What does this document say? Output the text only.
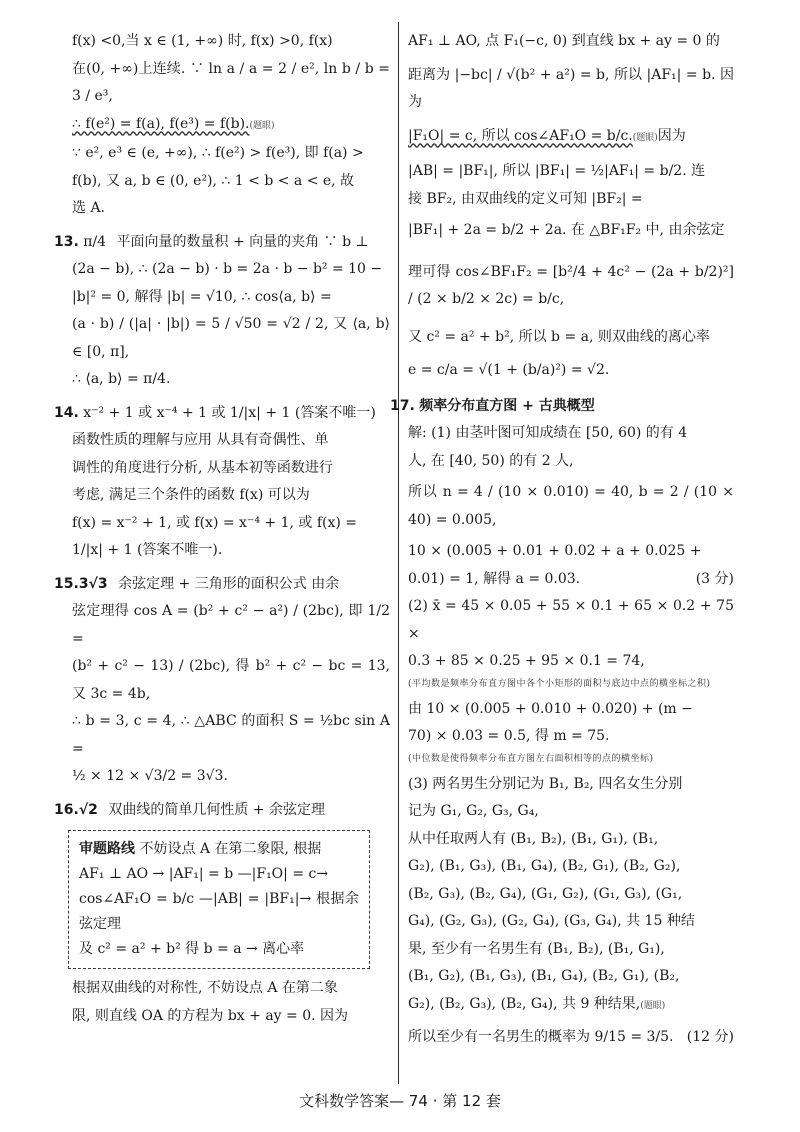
f(x) <0,当 x ∈ (1, +∞) 时, f(x) >0, f(x)

在(0, +∞)上连续. ∵ ln a / a = 2 / e², ln b / b = 3 / e³,

∴ f(e²) = f(a), f(e³) = f(b).(题眼)

∵ e², e³ ∈ (e, +∞), ∴ f(e²) > f(e³), 即 f(a) >

f(b), 又 a, b ∈ (0, e²), ∴ 1 < b < a < e, 故

选 A.

13. π/4 平面向量的数量积 + 向量的夹角 ∵ b ⊥

(2a − b), ∴ (2a − b) · b = 2a · b − b² = 10 −

|b|² = 0, 解得 |b| = √10, ∴ cos⟨a, b⟩ =

(a · b) / (|a| · |b|) = 5 / √50 = √2 / 2, 又 ⟨a, b⟩ ∈ [0, π],

∴ ⟨a, b⟩ = π/4.

14. x⁻² + 1 或 x⁻⁴ + 1 或 1/|x| + 1 (答案不唯一)

函数性质的理解与应用 从具有奇偶性、单

调性的角度进行分析, 从基本初等函数进行

考虑, 满足三个条件的函数 f(x) 可以为

f(x) = x⁻² + 1, 或 f(x) = x⁻⁴ + 1, 或 f(x) =

1/|x| + 1 (答案不唯一).

15.3√3 余弦定理 + 三角形的面积公式 由余

弦定理得 cos A = (b² + c² − a²) / (2bc), 即 1/2 =

(b² + c² − 13) / (2bc), 得 b² + c² − bc = 13, 又 3c = 4b,

∴ b = 3, c = 4, ∴ △ABC 的面积 S = ½bc sin A =

½ × 12 × √3/2 = 3√3.

16.√2 双曲线的简单几何性质 + 余弦定理

审题路线 不妨设点 A 在第二象限, 根据

AF₁ ⊥ AO → |AF₁| = b —|F₁O| = c→

cos∠AF₁O = b/c —|AB| = |BF₁|→ 根据余弦定理

及 c² = a² + b² 得 b = a → 离心率

根据双曲线的对称性, 不妨设点 A 在第二象

限, 则直线 OA 的方程为 bx + ay = 0. 因为

AF₁ ⊥ AO, 点 F₁(−c, 0) 到直线 bx + ay = 0 的

距离为 |−bc| / √(b² + a²) = b, 所以 |AF₁| = b. 因为

|F₁O| = c, 所以 cos∠AF₁O = b/c.(题眼)因为

|AB| = |BF₁|, 所以 |BF₁| = ½|AF₁| = b/2. 连

接 BF₂, 由双曲线的定义可知 |BF₂| =

|BF₁| + 2a = b/2 + 2a. 在 △BF₁F₂ 中, 由余弦定

理可得 cos∠BF₁F₂ = [b²/4 + 4c² − (2a + b/2)²] / (2 × b/2 × 2c) = b/c,

又 c² = a² + b², 所以 b = a, 则双曲线的离心率

e = c/a = √(1 + (b/a)²) = √2.

17. 频率分布直方图 + 古典概型

解: (1) 由茎叶图可知成绩在 [50, 60) 的有 4

人, 在 [40, 50) 的有 2 人,

所以 n = 4 / (10 × 0.010) = 40, b = 2 / (10 × 40) = 0.005,

10 × (0.005 + 0.01 + 0.02 + a + 0.025 +

0.01) = 1, 解得 a = 0.03.	(3 分)

(2) x̄ = 45 × 0.05 + 55 × 0.1 + 65 × 0.2 + 75 ×

0.3 + 85 × 0.25 + 95 × 0.1 = 74,

(平均数是频率分布直方图中各个小矩形的面积与底边中点的横坐标之积)

由 10 × (0.005 + 0.010 + 0.020) + (m −

70) × 0.03 = 0.5, 得 m = 75.

(中位数是使得频率分布直方图左右面积相等的点的横坐标)

(3) 两名男生分别记为 B₁, B₂, 四名女生分别

记为 G₁, G₂, G₃, G₄,

从中任取两人有 (B₁, B₂), (B₁, G₁), (B₁,

G₂), (B₁, G₃), (B₁, G₄), (B₂, G₁), (B₂, G₂),

(B₂, G₃), (B₂, G₄), (G₁, G₂), (G₁, G₃), (G₁,

G₄), (G₂, G₃), (G₂, G₄), (G₃, G₄), 共 15 种结

果, 至少有一名男生有 (B₁, B₂), (B₁, G₁),

(B₁, G₂), (B₁, G₃), (B₁, G₄), (B₂, G₁), (B₂,

G₂), (B₂, G₃), (B₂, G₄), 共 9 种结果,(题眼)

所以至少有一名男生的概率为 9/15 = 3/5. (12 分)

文科数学答案— 74 · 第 12 套
